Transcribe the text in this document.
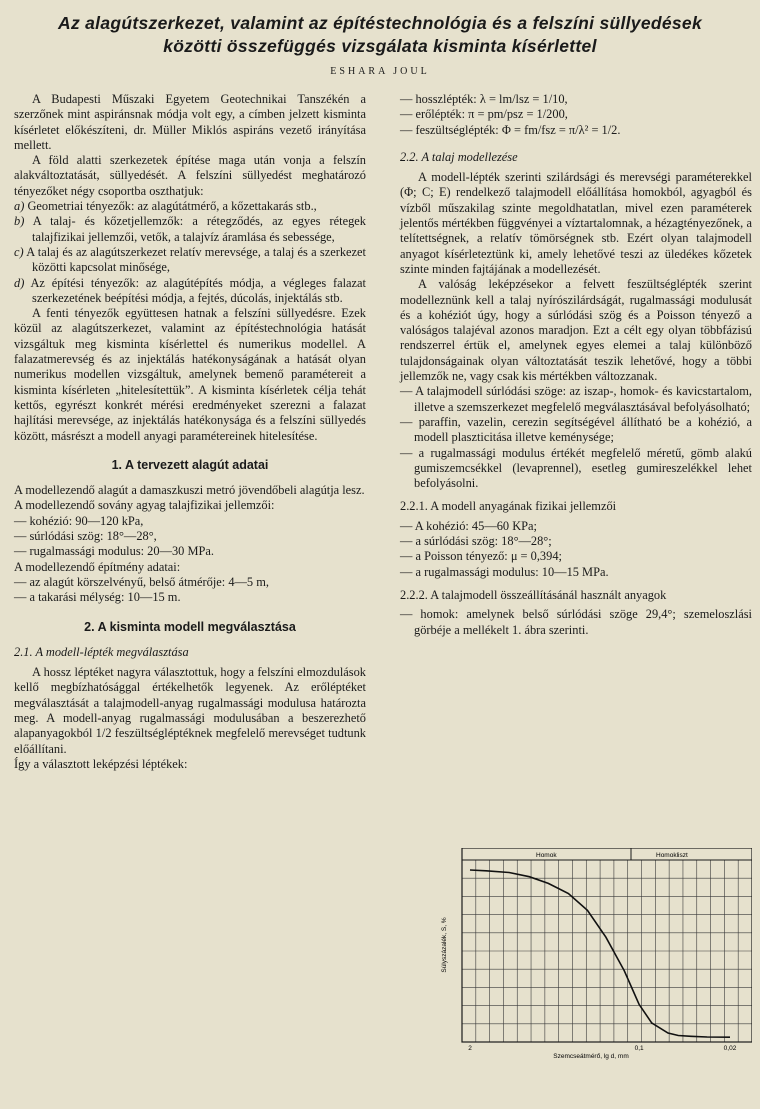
Az alagútszerkezet, valamint az építéstechnológia és a felszíni süllyedések
közötti összefüggés vizsgálata kisminta kísérlettel
ESHARA JOUL

A Budapesti Műszaki Egyetem Geotechnikai Tanszékén a szerzőnek mint aspiránsnak módja volt egy, a címben jelzett kisminta kísérletet előkészíteni, dr. Müller Miklós aspiráns vezető irányítása mellett.

A föld alatti szerkezetek építése maga után vonja a felszín alakváltoztatását, süllyedését. A felszíni süllyedést meghatározó tényezőket négy csoportba oszthatjuk:

a) Geometriai tényezők: az alagútátmérő, a kőzettakarás stb.,

b) A talaj- és kőzetjellemzők: a rétegződés, az egyes rétegek talajfizikai jellemzői, vetők, a talajvíz áramlása és sebessége,

c) A talaj és az alagútszerkezet relatív merevsége, a talaj és a szerkezet közötti kapcsolat minősége,

d) Az építési tényezők: az alagútépítés módja, a végleges falazat szerkezetének beépítési módja, a fejtés, dúcolás, injektálás stb.

A fenti tényezők együttesen hatnak a felszíni süllyedésre. Ezek közül az alagútszerkezet, valamint az építéstechnológia hatását vizsgáltuk meg kisminta kísérlettel és numerikus modellel. A falazatmerevség és az injektálás hatékonyságának a hatását olyan numerikus modellen vizsgáltuk, amelynek bemenő paramétereit a kisminta kísérleten „hitelesítettük”. A kisminta kísérletek célja tehát kettős, egyrészt konkrét mérési eredményeket szerezni a falazat hajlítási merevsége, az injektálás hatékonysága és a felszíni süllyedés között, másrészt a modell anyagi paramétereinek hitelesítése.

1. A tervezett alagút adatai

A modellezendő alagút a damaszkuszi metró jövendőbeli alagútja lesz.

A modellezendő sovány agyag talajfizikai jellemzői:

— kohézió: 90—120 kPa,

— súrlódási szög: 18°—28°,

— rugalmassági modulus: 20—30 MPa.

A modellezendő építmény adatai:

— az alagút körszelvényű, belső átmérője: 4—5 m,

— a takarási mélység: 10—15 m.

2. A kisminta modell megválasztása
2.1. A modell-lépték megválasztása

A hossz léptéket nagyra választottuk, hogy a felszíni elmozdulások kellő megbízhatósággal értékelhetők legyenek. Az erőléptéket megválasztását a talajmodell-anyag rugalmassági modulusa határozta meg. A modell-anyag rugalmassági modulusában a beszerezhető alapanyagokból 1/2 feszültségléptéknek megfelelő merevséget tudtunk előállítani.

Így a választott leképzési léptékek:

— hosszlépték: λ = lm/lsz = 1/10,

— erőlépték: π = pm/psz = 1/200,

— feszültséglépték: Φ = fm/fsz = π/λ² = 1/2.

2.2. A talaj modellezése

A modell-lépték szerinti szilárdsági és merevségi paraméterekkel (Φ; C; E) rendelkező talajmodell előállítása homokból, agyagból és vízből műszakilag szinte megoldhatatlan, mivel ezen paraméterek jelentős mértékben függvényei a víztartalomnak, a hézagtényezőnek, a telítettségnek, a relatív tömörségnek stb. Ezért olyan talajmodell anyagot kísérleteztünk ki, amely lehetővé teszi az üledékes kőzetek szinte minden fajtájának a modellezését.

A valóság leképzésekor a felvett feszültséglépték szerint modelleznünk kell a talaj nyírószilárdságát, rugalmassági modulusát és a kohéziót úgy, hogy a súrlódási szög és a Poisson tényező a valóságos talajéval azonos maradjon. Ezt a célt egy olyan többfázisú rendszerrel értük el, amelynek egyes elemei a talaj különböző tulajdonságainak olyan változtatását teszik lehetővé, hogy a többi jellemzők ne, vagy csak kis mértékben változzanak.

— A talajmodell súrlódási szöge: az iszap-, homok- és kavicstartalom, illetve a szemszerkezet megfelelő megválasztásával befolyásolható;

— paraffin, vazelin, cerezin segítségével állítható be a kohézió, a modell plaszticitása illetve keménysége;

— a rugalmassági modulus értékét megfelelő méretű, gömb alakú gumiszemcsékkel (levaprennel), esetleg gumireszelékkel lehet befolyásolni.

2.2.1. A modell anyagának fizikai jellemzői

— A kohézió: 45—60 KPa;

— a súrlódási szög: 18°—28°;

— a Poisson tényező: μ = 0,394;

— a rugalmassági modulus: 10—15 MPa.

2.2.2. A talajmodell összeállításánál használt anyagok

— homok: amelynek belső súrlódási szöge 29,4°; szemeloszlási görbéje a mellékelt 1. ábra szerinti.

Homok	Homokliszt
2	0,1	0,02
Szemcseátmérő, lg d, mm
Súlyszázalék, S, %
